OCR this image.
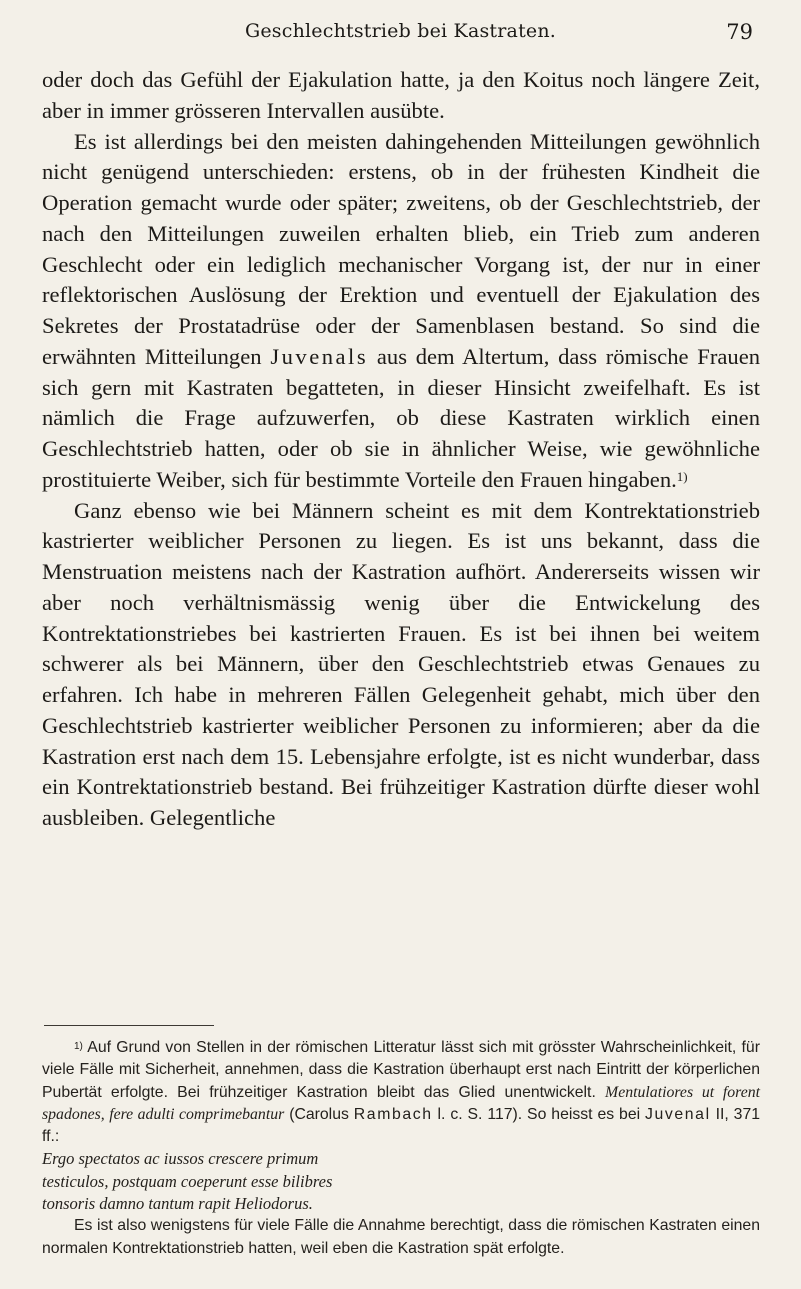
Geschlechtstrieb bei Kastraten.	79

oder doch das Gefühl der Ejakulation hatte, ja den Koitus noch längere Zeit, aber in immer grösseren Intervallen ausübte.

Es ist allerdings bei den meisten dahingehenden Mitteilungen gewöhnlich nicht genügend unterschieden: erstens, ob in der frühesten Kindheit die Operation gemacht wurde oder später; zweitens, ob der Geschlechtstrieb, der nach den Mitteilungen zuweilen erhalten blieb, ein Trieb zum anderen Geschlecht oder ein lediglich mechanischer Vorgang ist, der nur in einer reflektorischen Auslösung der Erektion und eventuell der Ejakulation des Sekretes der Prostatadrüse oder der Samenblasen bestand. So sind die erwähnten Mitteilungen Juvenals aus dem Altertum, dass römische Frauen sich gern mit Kastraten begatteten, in dieser Hinsicht zweifelhaft. Es ist nämlich die Frage aufzuwerfen, ob diese Kastraten wirklich einen Geschlechtstrieb hatten, oder ob sie in ähnlicher Weise, wie gewöhnliche prostituierte Weiber, sich für bestimmte Vorteile den Frauen hingaben.$^{1)}$

Ganz ebenso wie bei Männern scheint es mit dem Kontrektationstrieb kastrierter weiblicher Personen zu liegen. Es ist uns bekannt, dass die Menstruation meistens nach der Kastration aufhört. Andererseits wissen wir aber noch verhältnismässig wenig über die Entwickelung des Kontrektationstriebes bei kastrierten Frauen. Es ist bei ihnen bei weitem schwerer als bei Männern, über den Geschlechtstrieb etwas Genaues zu erfahren. Ich habe in mehreren Fällen Gelegenheit gehabt, mich über den Geschlechtstrieb kastrierter weiblicher Personen zu informieren; aber da die Kastration erst nach dem 15. Lebensjahre erfolgte, ist es nicht wunderbar, dass ein Kontrektationstrieb bestand. Bei frühzeitiger Kastration dürfte dieser wohl ausbleiben. Gelegentliche

$^{1)}$ Auf Grund von Stellen in der römischen Litteratur lässt sich mit grösster Wahrscheinlichkeit, für viele Fälle mit Sicherheit, annehmen, dass die Kastration überhaupt erst nach Eintritt der körperlichen Pubertät erfolgte. Bei frühzeitiger Kastration bleibt das Glied unentwickelt. Mentulatiores ut forent spadones, fere adulti comprimebantur (Carolus Rambach l. c. S. 117). So heisst es bei Juvenal II, 371 ff.:

Ergo spectatos ac iussos crescere primum

testiculos, postquam coeperunt esse bilibres

tonsoris damno tantum rapit Heliodorus.

Es ist also wenigstens für viele Fälle die Annahme berechtigt, dass die römischen Kastraten einen normalen Kontrektationstrieb hatten, weil eben die Kastration spät erfolgte.
